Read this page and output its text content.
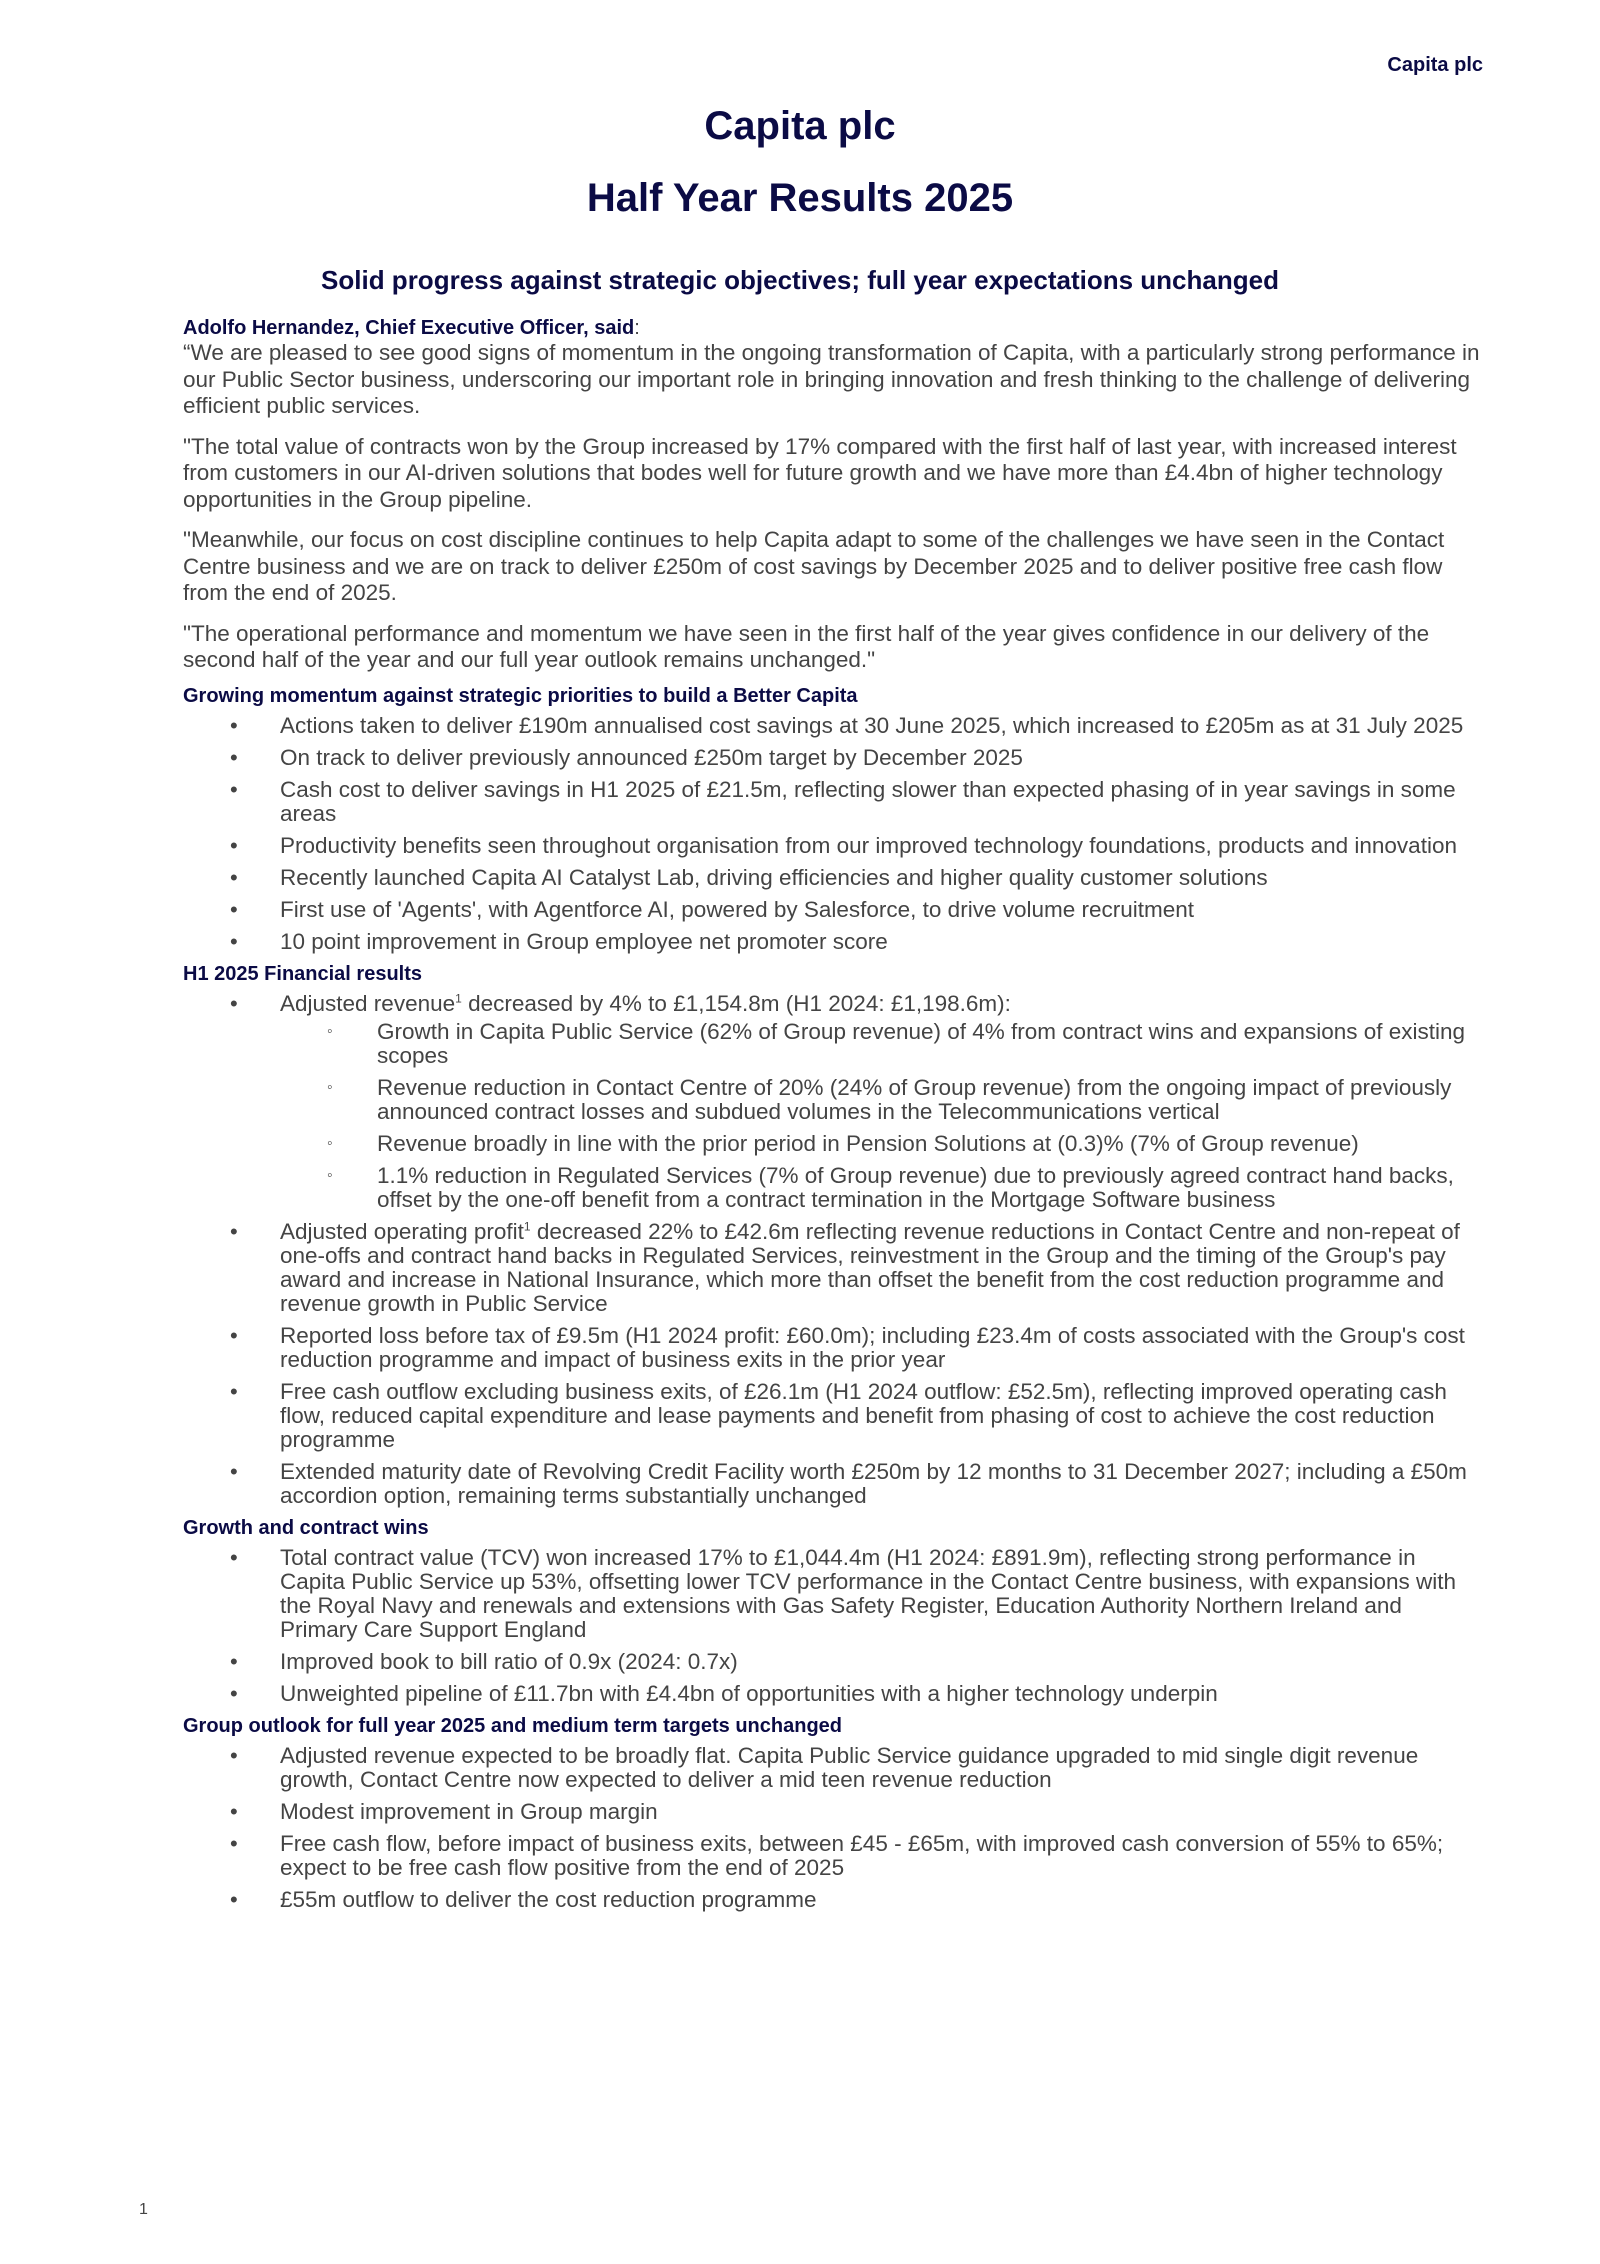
Capita plc
Capita plc
Half Year Results 2025
Solid progress against strategic objectives; full year expectations unchanged
Adolfo Hernandez, Chief Executive Officer, said:

“We are pleased to see good signs of momentum in the ongoing transformation of Capita, with a particularly strong performance in our Public Sector business, underscoring our important role in bringing innovation and fresh thinking to the challenge of delivering efficient public services.

"The total value of contracts won by the Group increased by 17% compared with the first half of last year, with increased interest from customers in our AI-driven solutions that bodes well for future growth and we have more than £4.4bn of higher technology opportunities in the Group pipeline.

"Meanwhile, our focus on cost discipline continues to help Capita adapt to some of the challenges we have seen in the Contact Centre business and we are on track to deliver £250m of cost savings by December 2025 and to deliver positive free cash flow from the end of 2025.

"The operational performance and momentum we have seen in the first half of the year gives confidence in our delivery of the second half of the year and our full year outlook remains unchanged."

Growing momentum against strategic priorities to build a Better Capita
• Actions taken to deliver £190m annualised cost savings at 30 June 2025, which increased to £205m as at 31 July 2025
• On track to deliver previously announced £250m target by December 2025
• Cash cost to deliver savings in H1 2025 of £21.5m, reflecting slower than expected phasing of in year savings in some areas
• Productivity benefits seen throughout organisation from our improved technology foundations, products and innovation
• Recently launched Capita AI Catalyst Lab, driving efficiencies and higher quality customer solutions
• First use of 'Agents', with Agentforce AI, powered by Salesforce, to drive volume recruitment
• 10 point improvement in Group employee net promoter score
H1 2025 Financial results
• Adjusted revenue$^1$ decreased by 4% to £1,154.8m (H1 2024: £1,198.6m):
◦ Growth in Capita Public Service (62% of Group revenue) of 4% from contract wins and expansions of existing scopes
◦ Revenue reduction in Contact Centre of 20% (24% of Group revenue) from the ongoing impact of previously announced contract losses and subdued volumes in the Telecommunications vertical
◦ Revenue broadly in line with the prior period in Pension Solutions at (0.3)% (7% of Group revenue)
◦ 1.1% reduction in Regulated Services (7% of Group revenue) due to previously agreed contract hand backs, offset by the one-off benefit from a contract termination in the Mortgage Software business
• Adjusted operating profit$^1$ decreased 22% to £42.6m reflecting revenue reductions in Contact Centre and non-repeat of one-offs and contract hand backs in Regulated Services, reinvestment in the Group and the timing of the Group's pay award and increase in National Insurance, which more than offset the benefit from the cost reduction programme and revenue growth in Public Service
• Reported loss before tax of £9.5m (H1 2024 profit: £60.0m); including £23.4m of costs associated with the Group's cost reduction programme and impact of business exits in the prior year
• Free cash outflow excluding business exits, of £26.1m (H1 2024 outflow: £52.5m), reflecting improved operating cash flow, reduced capital expenditure and lease payments and benefit from phasing of cost to achieve the cost reduction programme
• Extended maturity date of Revolving Credit Facility worth £250m by 12 months to 31 December 2027; including a £50m accordion option, remaining terms substantially unchanged
Growth and contract wins
• Total contract value (TCV) won increased 17% to £1,044.4m (H1 2024: £891.9m), reflecting strong performance in Capita Public Service up 53%, offsetting lower TCV performance in the Contact Centre business, with expansions with the Royal Navy and renewals and extensions with Gas Safety Register, Education Authority Northern Ireland and Primary Care Support England
• Improved book to bill ratio of 0.9x (2024: 0.7x)
• Unweighted pipeline of £11.7bn with £4.4bn of opportunities with a higher technology underpin
Group outlook for full year 2025 and medium term targets unchanged
• Adjusted revenue expected to be broadly flat. Capita Public Service guidance upgraded to mid single digit revenue growth, Contact Centre now expected to deliver a mid teen revenue reduction
• Modest improvement in Group margin
• Free cash flow, before impact of business exits, between £45 - £65m, with improved cash conversion of 55% to 65%; expect to be free cash flow positive from the end of 2025
• £55m outflow to deliver the cost reduction programme
1
